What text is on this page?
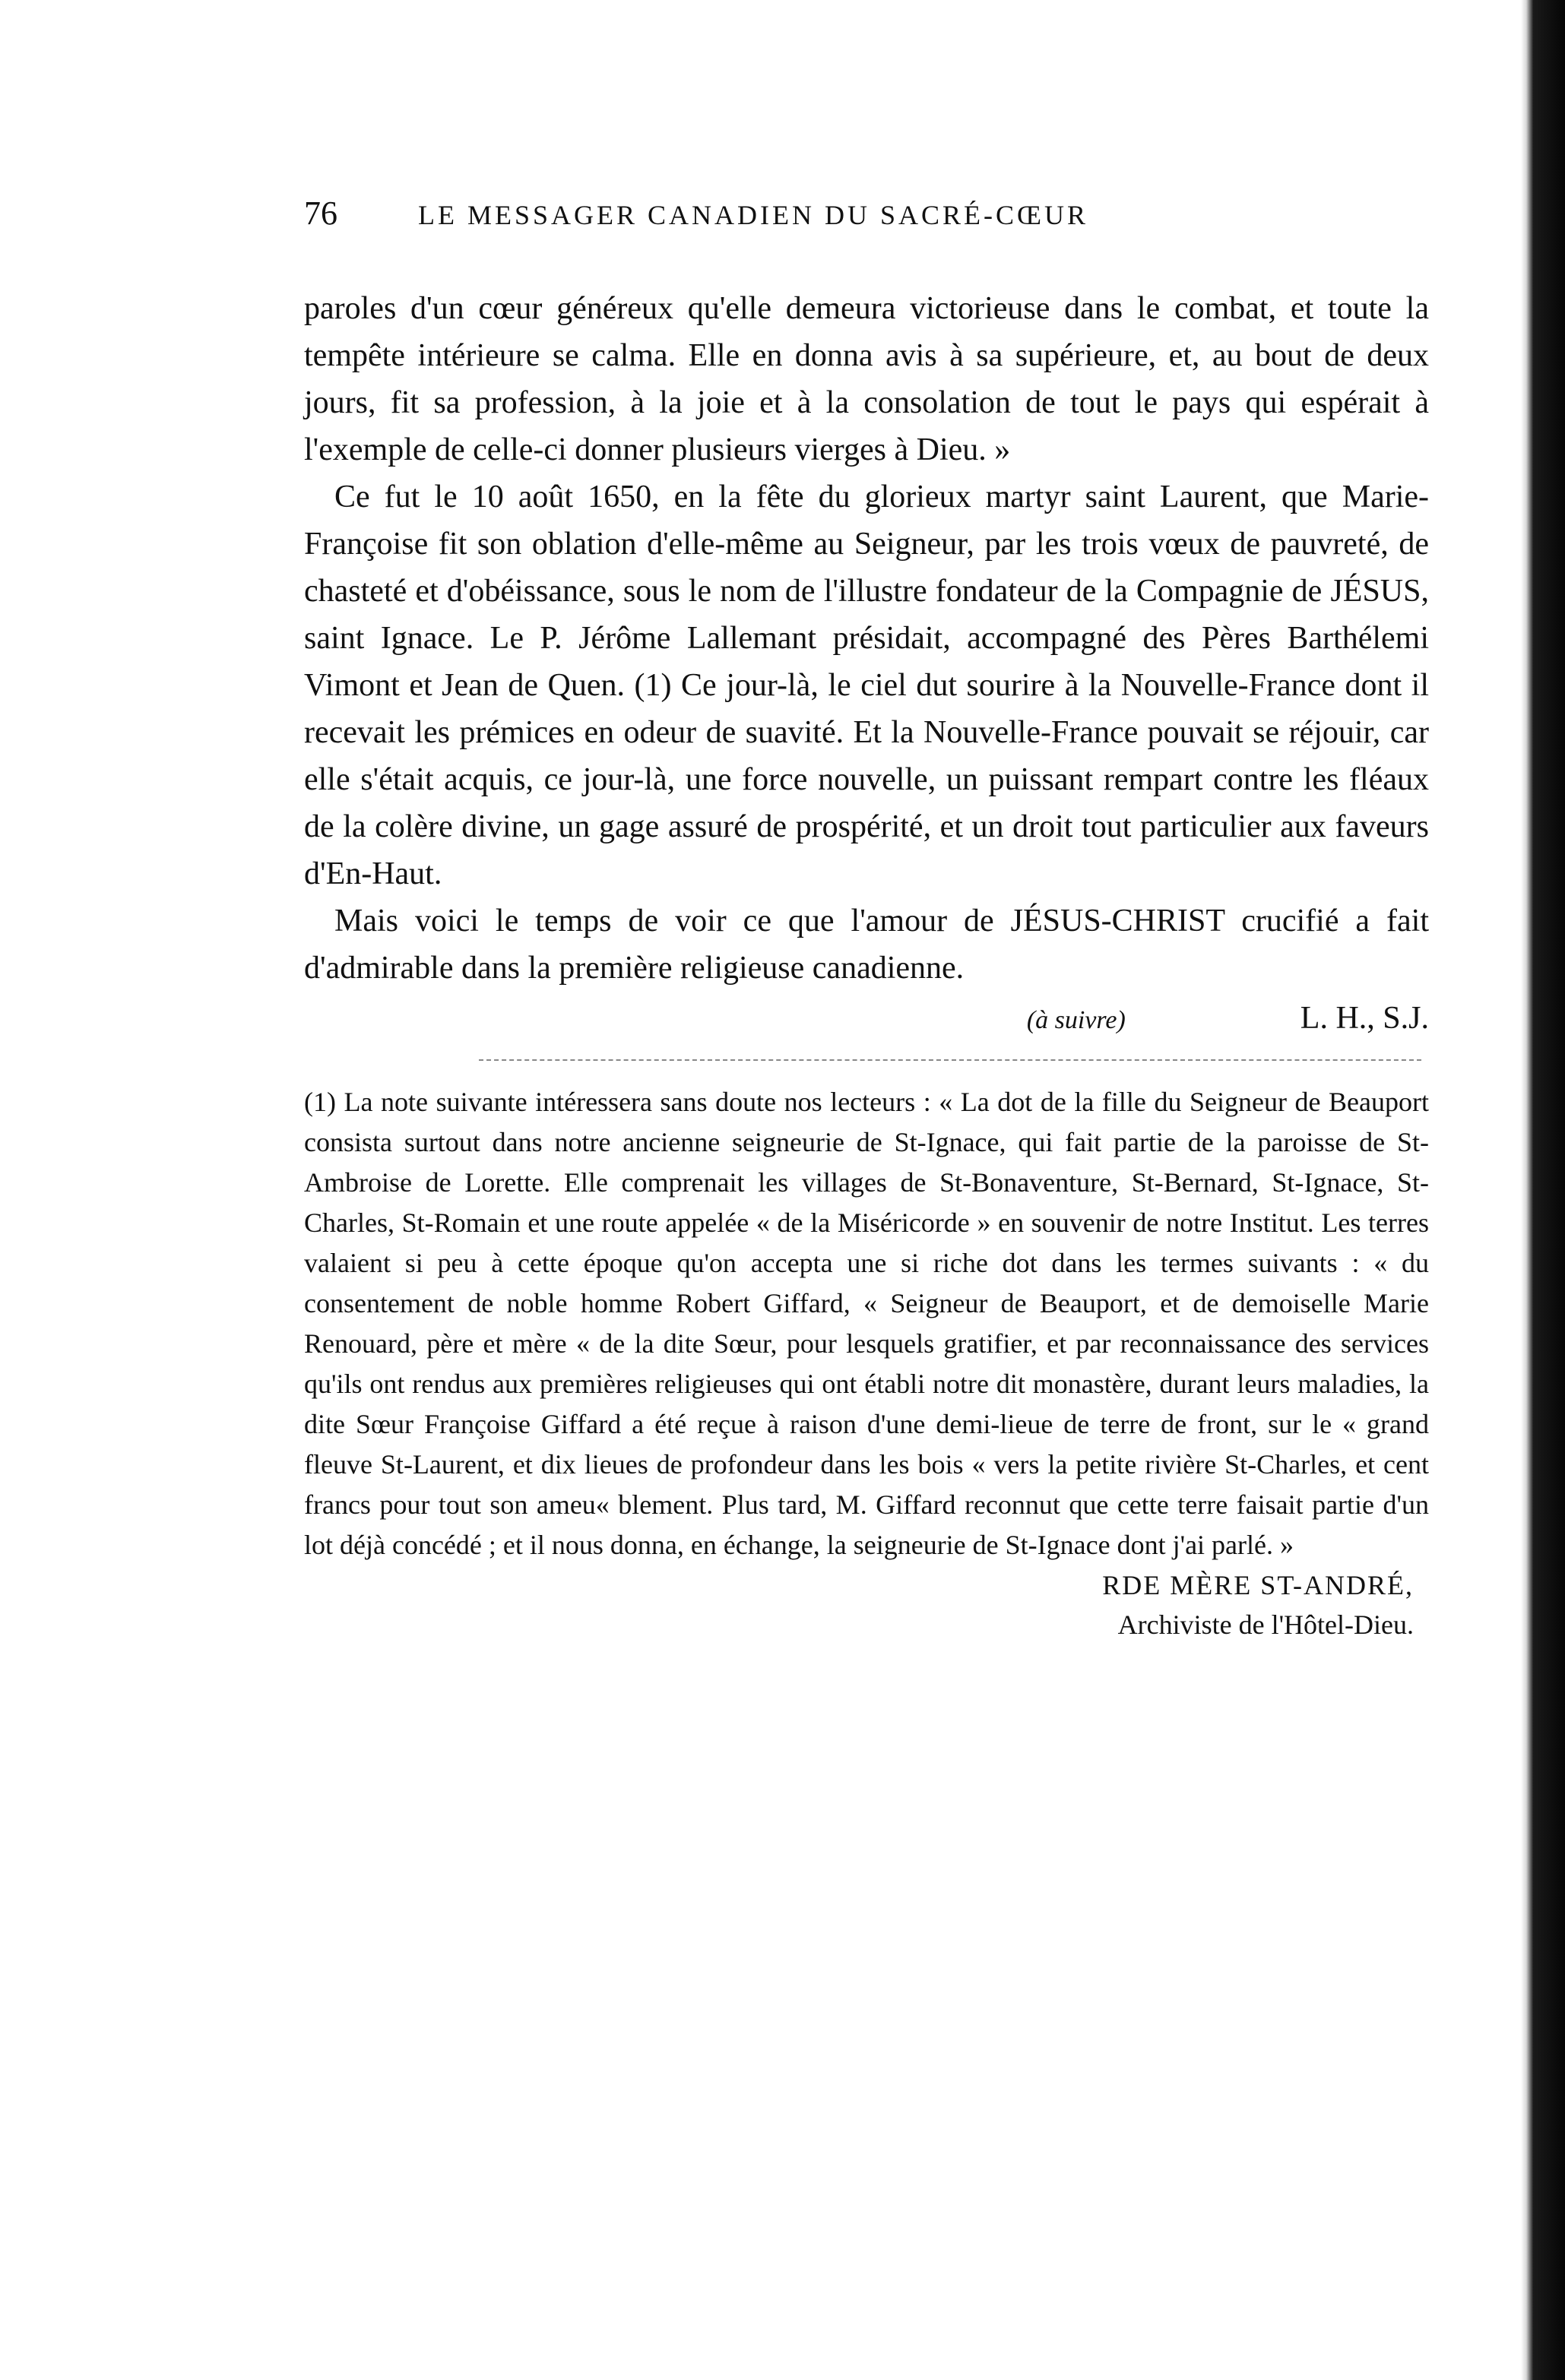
76	LE MESSAGER CANADIEN DU SACRÉ-CŒUR

paroles d'un cœur généreux qu'elle demeura victorieuse dans le combat, et toute la tempête intérieure se calma. Elle en donna avis à sa supérieure, et, au bout de deux jours, fit sa profession, à la joie et à la consolation de tout le pays qui espérait à l'exemple de celle-ci donner plusieurs vierges à Dieu. »

Ce fut le 10 août 1650, en la fête du glorieux martyr saint Laurent, que Marie-Françoise fit son oblation d'elle-même au Seigneur, par les trois vœux de pauvreté, de chasteté et d'obéissance, sous le nom de l'illustre fondateur de la Compagnie de JÉSUS, saint Ignace. Le P. Jérôme Lallemant présidait, accompagné des Pères Barthélemi Vimont et Jean de Quen. (1) Ce jour-là, le ciel dut sourire à la Nouvelle-France dont il recevait les prémices en odeur de suavité. Et la Nouvelle-France pouvait se réjouir, car elle s'était acquis, ce jour-là, une force nouvelle, un puissant rempart contre les fléaux de la colère divine, un gage assuré de prospérité, et un droit tout particulier aux faveurs d'En-Haut.

Mais voici le temps de voir ce que l'amour de JÉSUS-CHRIST crucifié a fait d'admirable dans la première religieuse canadienne.

(à suivre)	L. H., S.J.

(1) La note suivante intéressera sans doute nos lecteurs : « La dot de la fille du Seigneur de Beauport consista surtout dans notre ancienne seigneurie de St-Ignace, qui fait partie de la paroisse de St-Ambroise de Lorette. Elle comprenait les villages de St-Bonaventure, St-Bernard, St-Ignace, St-Charles, St-Romain et une route appelée « de la Miséricorde » en souvenir de notre Institut. Les terres valaient si peu à cette époque qu'on accepta une si riche dot dans les termes suivants : « du consentement de noble homme Robert Giffard, « Seigneur de Beauport, et de demoiselle Marie Renouard, père et mère « de la dite Sœur, pour lesquels gratifier, et par reconnaissance des services qu'ils ont rendus aux premières religieuses qui ont établi notre dit monastère, durant leurs maladies, la dite Sœur Françoise Giffard a été reçue à raison d'une demi-lieue de terre de front, sur le « grand fleuve St-Laurent, et dix lieues de profondeur dans les bois « vers la petite rivière St-Charles, et cent francs pour tout son ameu« blement. Plus tard, M. Giffard reconnut que cette terre faisait partie d'un lot déjà concédé ; et il nous donna, en échange, la seigneurie de St-Ignace dont j'ai parlé. »

RDE MÈRE ST-ANDRÉ,
Archiviste de l'Hôtel-Dieu.
